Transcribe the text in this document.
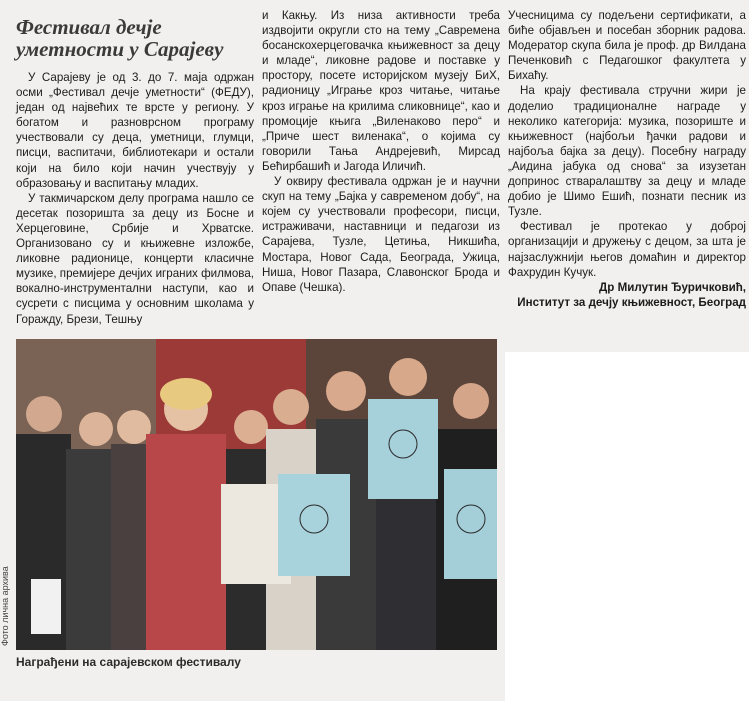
Фестивал дечје уметности у Сарајеву

У Сарајеву је од 3. до 7. маја одржан осми „Фестивал дечје уметности“ (ФЕДУ), један од највећих те врсте у региону. У богатом и разноврсном програму учествовали су деца, уметници, глумци, писци, васпитачи, библиотекари и остали који на било који начин учествују у образовању и васпитању младих.

У такмичарском делу програма нашло се десетак позоришта за децу из Босне и Херцеговине, Србије и Хрватске. Организовано су и књижевне изложбе, ликовне радионице, концерти класичне музике, премијере дечјих играних филмова, вокално-инструментални наступи, као и сусрети с писцима у основним школама у Горажду, Брези, Тешњу

и Какњу. Из низа активности треба издвојити округли сто на тему „Савремена босанскохерцеговачка књижевност за децу и младе“, ликовне радове и поставке у простору, посете историјском музеју БиХ, радионицу „Играње кроз читање, читање кроз играње на крилима сликовнице“, као и промоције књига „Виленаково перо“ и „Приче шест виленака“, о којима су говорили Тања Андрејевић, Мирсад Бећирбашић и Јагода Иличић.

У оквиру фестивала одржан је и научни скуп на тему „Бајка у савременом добу“, на којем су учествовали професори, писци, истраживачи, наставници и педагози из Сарајева, Тузле, Цетиња, Никшића, Мостара, Новог Сада, Београда, Ужица, Ниша, Новог Пазара, Славонског Брода и Опаве (Чешка).

Учесницима су подељени сертификати, а биће објављен и посебан зборник радова. Модератор скупа била је проф. др Вилдана Печенковић с Педагошког факултета у Бихаћу.

На крају фестивала стручни жири је доделио традиционалне награде у неколико категорија: музика, позориште и књижевност (најбољи ђачки радови и најбоља бајка за децу). Посебну награду „Аидина јабука од снова“ за изузетан допринос стваралаштву за децу и младе добио је Шимо Ешић, познати песник из Тузле.

Фестивал је протекао у доброј организацији и дружењу с децом, за шта је најзаслужнији његов домаћин и директор Фахрудин Кучук.

Др Милутин Ђуричковић,

Институт за дечју књижевност, Београд

Фото лична архива
Награђени на сарајевском фестивалу
